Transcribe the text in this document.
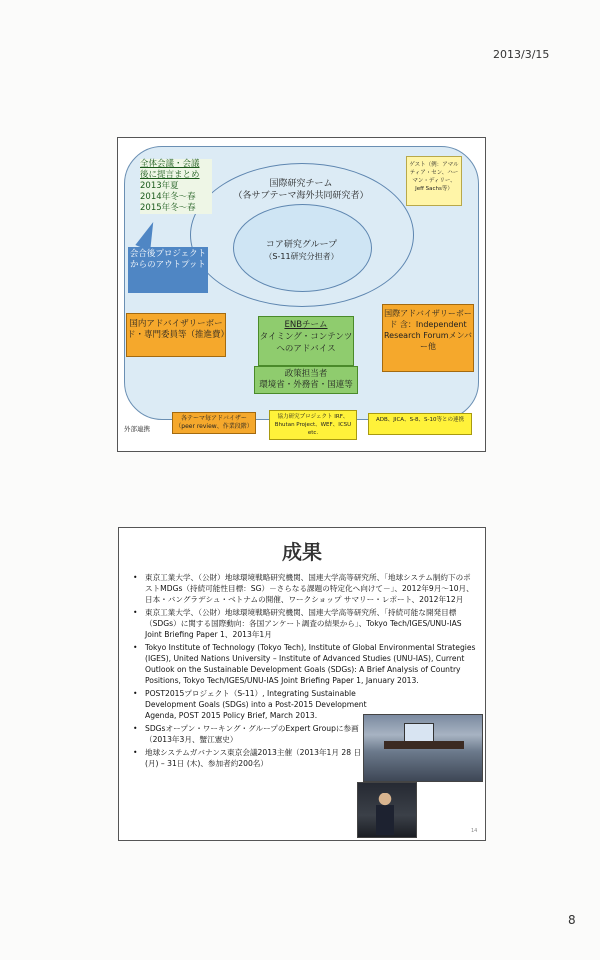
2013/3/15
国際研究チーム
（各サブテーマ海外共同研究者）
コア研究グループ
（S-11研究分担者）
全体会議・会議
後に提言まとめ
2013年夏
2014年冬～春
2015年冬～春
会合後プロジェクトからのアウトプット
ゲスト（例：アマルティア・セン、ハーマン・ディリー、Jeff Sachs等）
国内アドバイザリーボード・専門委員等（推進費）
国際アドバイザリーボード 含：Independent Research Forumメンバー他
ENBチーム
タイミング・コンテンツへのアドバイス
政策担当者
環境省・外務省・国連等
外部連携
各テーマ毎アドバイザー（peer review、作業段階）
協力研究プロジェクト IRF、Bhutan Project、WEF、ICSU etc.
ADB、JICA、S-8、S-10等との連携
成果
• 東京工業大学、（公財）地球環境戦略研究機関、国連大学高等研究所、「地球システム制約下のポストMDGs（持続可能性目標：SG）－さらなる課題の特定化へ向けて－」、2012年9月〜10月、日本・バングラデシュ・ベトナムの開催、ワークショップ サマリー・レポート、2012年12月
• 東京工業大学、（公財）地球環境戦略研究機関、国連大学高等研究所、「持続可能な開発目標（SDGs）に関する国際動向：各国アンケート調査の結果から」、Tokyo Tech/IGES/UNU-IAS Joint Briefing Paper 1、2013年1月
• Tokyo Institute of Technology (Tokyo Tech), Institute of Global Environmental Strategies (IGES), United Nations University – Institute of Advanced Studies (UNU-IAS), Current Outlook on the Sustainable Development Goals (SDGs): A Brief Analysis of Country Positions, Tokyo Tech/IGES/UNU-IAS Joint Briefing Paper 1, January 2013.
• POST2015プロジェクト（S-11）, Integrating Sustainable Development Goals (SDGs) into a Post-2015 Development Agenda, POST 2015 Policy Brief, March 2013.
• SDGsオープン・ワーキング・グループのExpert Groupに参画（2013年3月、蟹江憲史）
• 地球システムガバナンス東京会議2013主催（2013年1月 28 日(月) – 31日 (木)、参加者約200名）
14
8
